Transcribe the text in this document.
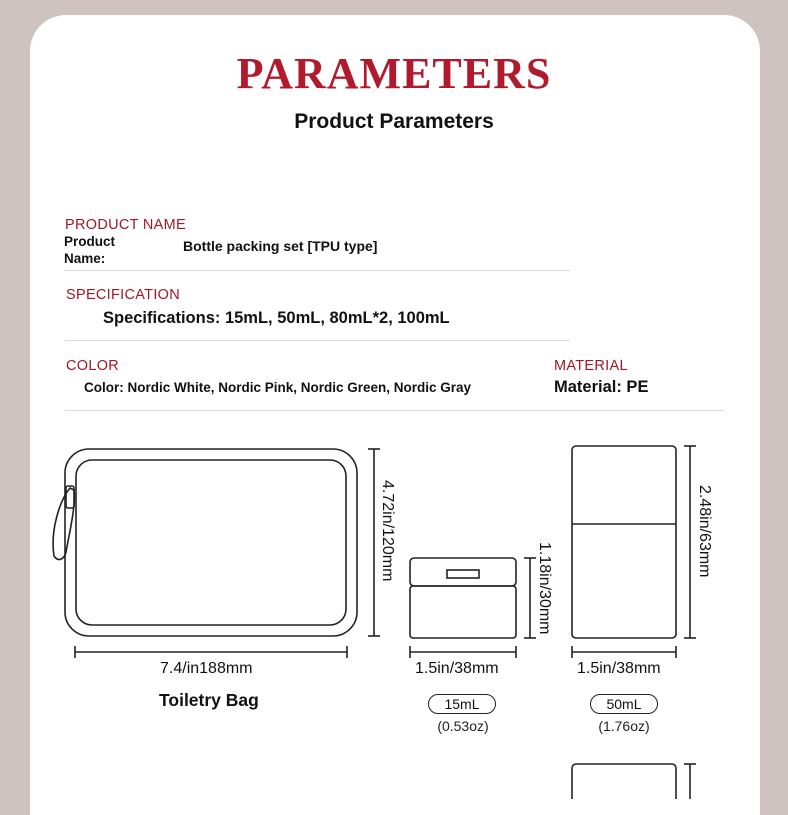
PARAMETERS
Product Parameters
PRODUCT NAME
Product
Name:
Bottle packing set [TPU type]
SPECIFICATION
Specifications: 15mL, 50mL, 80mL*2, 100mL
COLOR
Color: Nordic White, Nordic Pink, Nordic Green, Nordic Gray
MATERIAL
Material: PE
7.4/in188mm
4.72in/120mm
Toiletry Bag
1.5in/38mm
1.18in/30mm
15mL
(0.53oz)
1.5in/38mm
2.48in/63mm
50mL
(1.76oz)
